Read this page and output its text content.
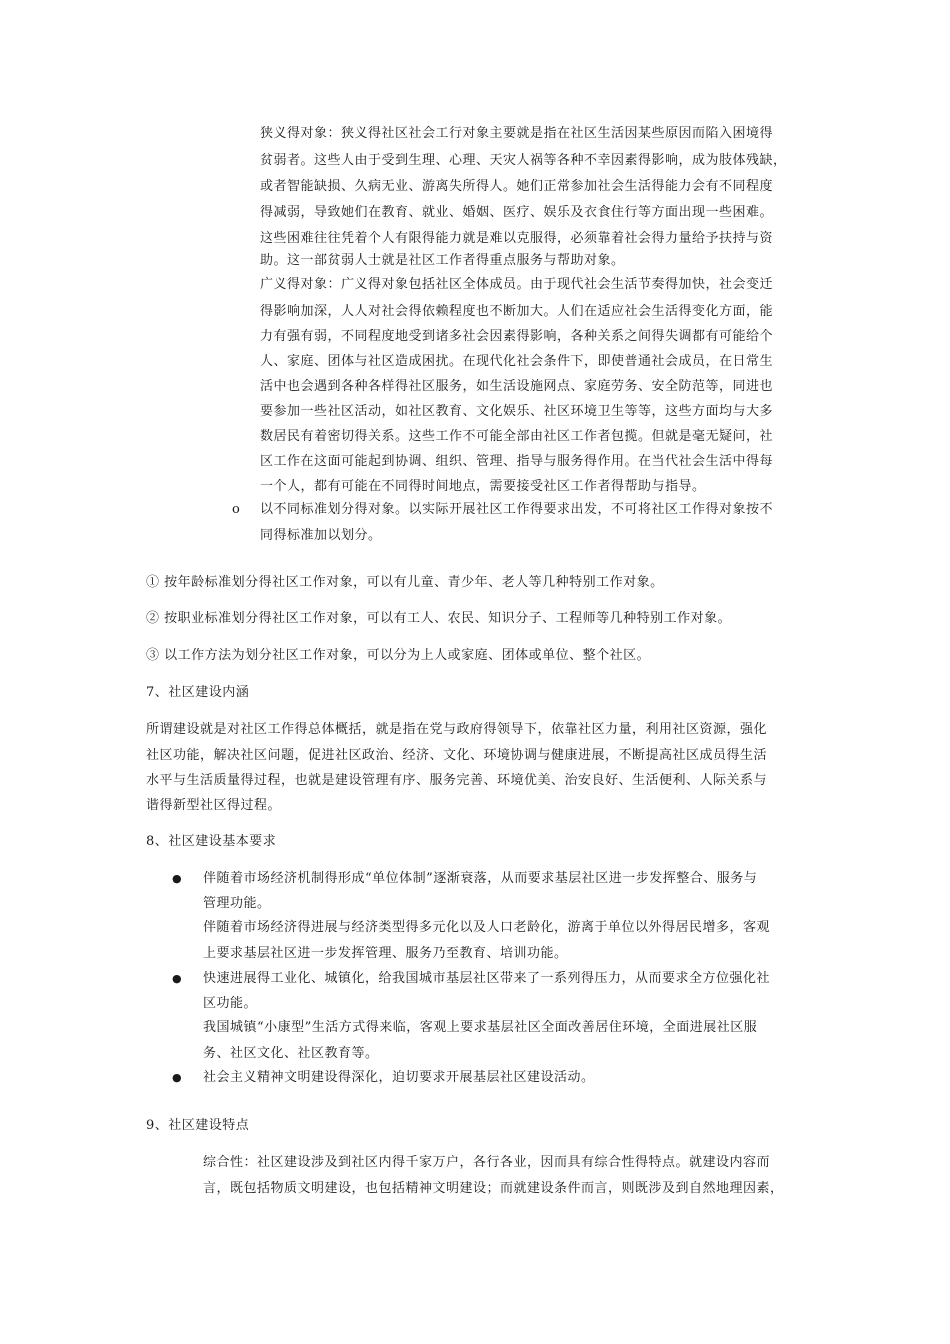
狭义得对象：狭义得社区社会工行对象主要就是指在社区生活因某些原因而陷入困境得
贫弱者。这些人由于受到生理、心理、天灾人祸等各种不幸因素得影响，成为肢体残缺，
或者智能缺损、久病无业、游离失所得人。她们正常参加社会生活得能力会有不同程度
得减弱，导致她们在教育、就业、婚姻、医疗、娱乐及衣食住行等方面出现一些困难。
这些困难往往凭着个人有限得能力就是难以克服得，必须靠着社会得力量给予扶持与资
助。这一部贫弱人士就是社区工作者得重点服务与帮助对象。
广义得对象：广义得对象包括社区全体成员。由于现代社会生活节奏得加快，社会变迁
得影响加深，人人对社会得依赖程度也不断加大。人们在适应社会生活得变化方面，能
力有强有弱，不同程度地受到诸多社会因素得影响，各种关系之间得失调都有可能给个
人、家庭、团体与社区造成困扰。在现代化社会条件下，即使普通社会成员，在日常生
活中也会遇到各种各样得社区服务，如生活设施网点、家庭劳务、安全防范等，同进也
要参加一些社区活动，如社区教育、文化娱乐、社区环境卫生等等，这些方面均与大多
数居民有着密切得关系。这些工作不可能全部由社区工作者包揽。但就是毫无疑问，社
区工作在这面可能起到协调、组织、管理、指导与服务得作用。在当代社会生活中得每
一个人，都有可能在不同得时间地点，需要接受社区工作者得帮助与指导。
o 以不同标准划分得对象。以实际开展社区工作得要求出发，不可将社区工作得对象按不
同得标准加以划分。
① 按年龄标准划分得社区工作对象，可以有儿童、青少年、老人等几种特别工作对象。
② 按职业标准划分得社区工作对象，可以有工人、农民、知识分子、工程师等几种特别工作对象。
③ 以工作方法为划分社区工作对象，可以分为上人或家庭、团体或单位、整个社区。
7、社区建设内涵
所谓建设就是对社区工作得总体概括，就是指在党与政府得领导下，依靠社区力量，利用社区资源，强化
社区功能，解决社区问题，促进社区政治、经济、文化、环境协调与健康进展，不断提高社区成员得生活
水平与生活质量得过程，也就是建设管理有序、服务完善、环境优美、治安良好、生活便利、人际关系与
谐得新型社区得过程。
8、社区建设基本要求
● 伴随着市场经济机制得形成“单位体制”逐渐衰落，从而要求基层社区进一步发挥整合、服务与
管理功能。
伴随着市场经济得进展与经济类型得多元化以及人口老龄化，游离于单位以外得居民增多，客观
上要求基层社区进一步发挥管理、服务乃至教育、培训功能。
● 快速进展得工业化、城镇化，给我国城市基层社区带来了一系列得压力，从而要求全方位强化社
区功能。
我国城镇“小康型”生活方式得来临，客观上要求基层社区全面改善居住环境，全面进展社区服
务、社区文化、社区教育等。
● 社会主义精神文明建设得深化，迫切要求开展基层社区建设活动。
9、社区建设特点
综合性：社区建设涉及到社区内得千家万户，各行各业，因而具有综合性得特点。就建设内容而
言，既包括物质文明建设，也包括精神文明建设；而就建设条件而言，则既涉及到自然地理因素，
